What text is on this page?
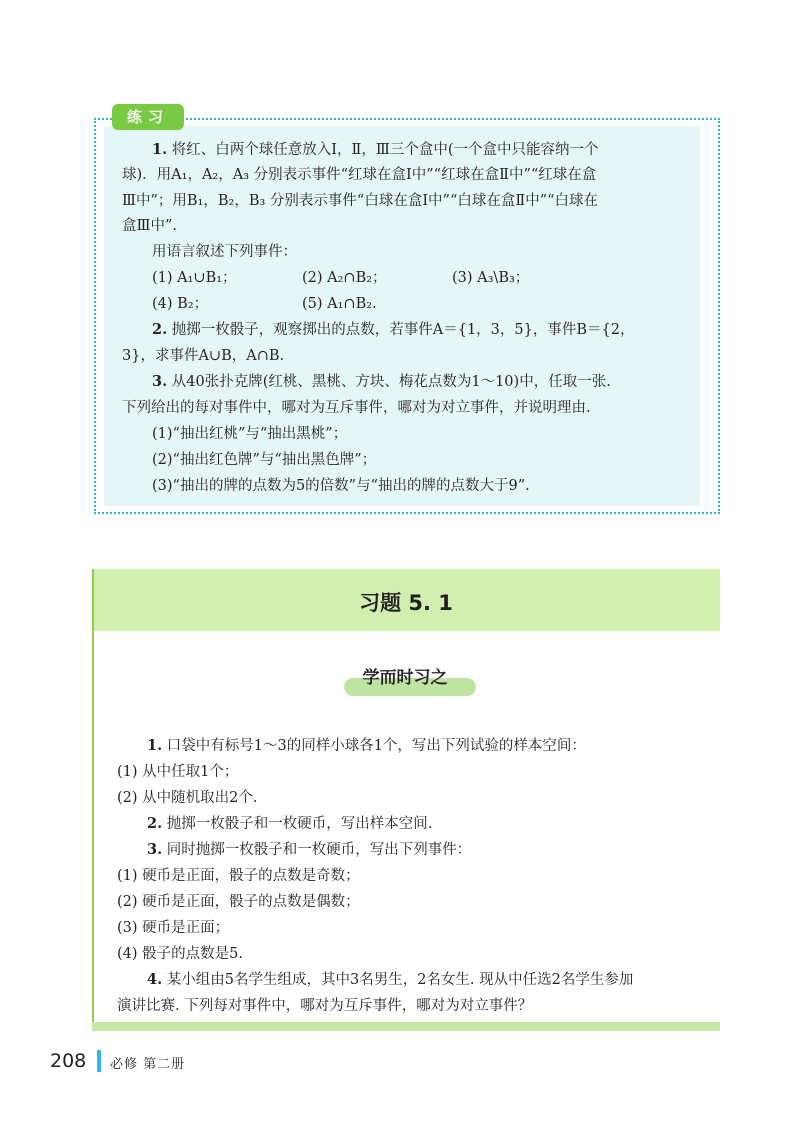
练习
1. 将红、白两个球任意放入Ⅰ，Ⅱ，Ⅲ三个盒中(一个盒中只能容纳一个
球)．用A₁，A₂，A₃ 分别表示事件“红球在盒Ⅰ中”“红球在盒Ⅱ中”“红球在盒
Ⅲ中”；用B₁，B₂，B₃ 分别表示事件“白球在盒Ⅰ中”“白球在盒Ⅱ中”“白球在
盒Ⅲ中”.
用语言叙述下列事件：
(1) A₁∪B₁；	(2) A₂∩B₂；	(3) A₃\B₃；
(4) B₂；	(5) A₁∩B₂.
2. 抛掷一枚骰子，观察掷出的点数，若事件A＝{1，3，5}，事件B＝{2，
3}，求事件A∪B，A∩B.
3. 从40张扑克牌(红桃、黑桃、方块、梅花点数为1～10)中，任取一张.
下列给出的每对事件中，哪对为互斥事件，哪对为对立事件，并说明理由.
(1)“抽出红桃”与“抽出黑桃”；
(2)“抽出红色牌”与“抽出黑色牌”；
(3)“抽出的牌的点数为5的倍数”与“抽出的牌的点数大于9”.
习题 5. 1
学而时习之
1. 口袋中有标号1～3的同样小球各1个，写出下列试验的样本空间：
(1) 从中任取1个；
(2) 从中随机取出2个.
2. 抛掷一枚骰子和一枚硬币，写出样本空间.
3. 同时抛掷一枚骰子和一枚硬币，写出下列事件：
(1) 硬币是正面，骰子的点数是奇数；
(2) 硬币是正面，骰子的点数是偶数；
(3) 硬币是正面；
(4) 骰子的点数是5.
4. 某小组由5名学生组成，其中3名男生，2名女生. 现从中任选2名学生参加
演讲比赛. 下列每对事件中，哪对为互斥事件，哪对为对立事件？
208 必修 第二册
